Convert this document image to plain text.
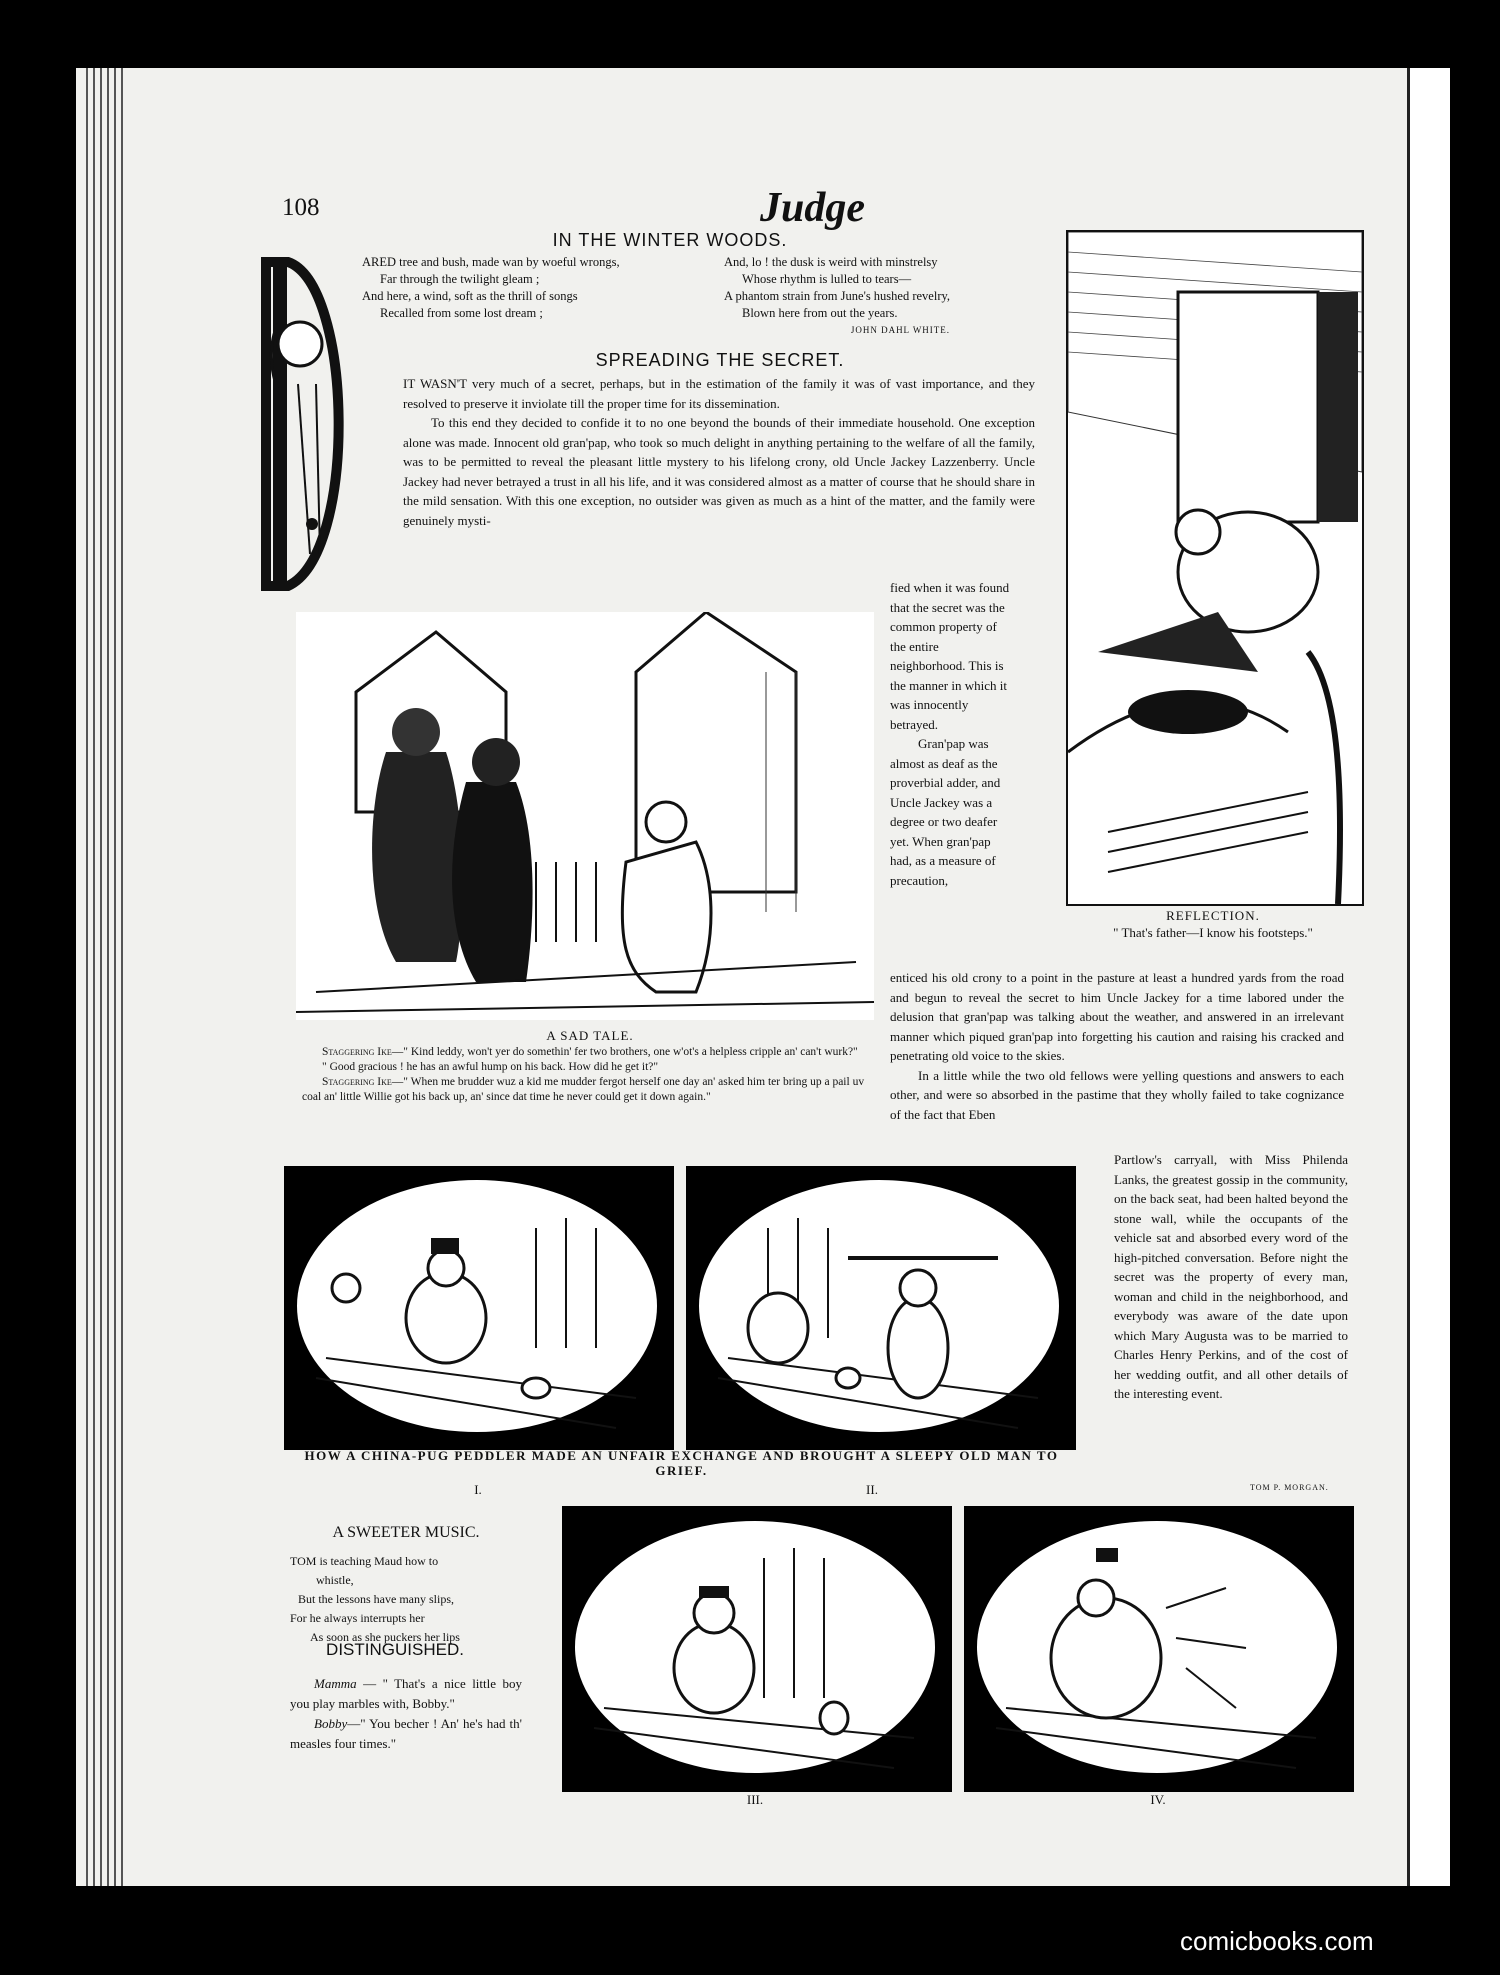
108	Judge
IN THE WINTER WOODS.
ARED tree and bush, made wan by woeful wrongs,
Far through the twilight gleam ;
And here, a wind, soft as the thrill of songs
Recalled from some lost dream ;
And, lo ! the dusk is weird with minstrelsy
Whose rhythm is lulled to tears—
A phantom strain from June's hushed revelry,
Blown here from out the years.
JOHN DAHL WHITE.
SPREADING THE SECRET.

IT WASN'T very much of a secret, perhaps, but in the estimation of the family it was of vast importance, and they resolved to preserve it inviolate till the proper time for its dissemination.

To this end they decided to confide it to no one beyond the bounds of their immediate household. One exception alone was made. Innocent old gran'pap, who took so much delight in anything pertaining to the welfare of all the family, was to be permitted to reveal the pleasant little mystery to his lifelong crony, old Uncle Jackey Lazzenberry. Uncle Jackey had never betrayed a trust in all his life, and it was considered almost as a matter of course that he should share in the mild sensation. With this one exception, no outsider was given as much as a hint of the matter, and the family were genuinely mysti-

fied when it was found that the secret was the common property of the entire neighborhood. This is the manner in which it was innocently betrayed.
Gran'pap was almost as deaf as the proverbial adder, and Uncle Jackey was a degree or two deafer yet. When gran'pap had, as a measure of precaution,

enticed his old crony to a point in the pasture at least a hundred yards from the road and begun to reveal the secret to him Uncle Jackey for a time labored under the delusion that gran'pap was talking about the weather, and answered in an irrelevant manner which piqued gran'pap into forgetting his caution and raising his cracked and penetrating old voice to the skies.

In a little while the two old fellows were yelling questions and answers to each other, and were so absorbed in the pastime that they wholly failed to take cognizance of the fact that Eben

Partlow's carryall, with Miss Philenda Lanks, the greatest gossip in the community, on the back seat, had been halted beyond the stone wall, while the occupants of the vehicle sat and absorbed every word of the high-pitched conversation. Before night the secret was the property of every man, woman and child in the neighborhood, and everybody was aware of the date upon which Mary Augusta was to be married to Charles Henry Perkins, and of the cost of her wedding outfit, and all other details of the interesting event.

TOM P. MORGAN.
REFLECTION.
" That's father—I know his footsteps."
A SAD TALE.

Staggering Ike—" Kind leddy, won't yer do somethin' fer two brothers, one w'ot's a helpless cripple an' can't wurk?"

" Good gracious ! he has an awful hump on his back. How did he get it?"

Staggering Ike—" When me brudder wuz a kid me mudder fergot herself one day an' asked him ter bring up a pail uv coal an' little Willie got his back up, an' since dat time he never could get it down again."

HOW A CHINA-PUG PEDDLER MADE AN UNFAIR EXCHANGE AND BROUGHT A SLEEPY OLD MAN TO GRIEF.
I.	II.
III.	IV.
A SWEETER MUSIC.
TOM is teaching Maud how to
whistle,
But the lessons have many slips,
For he always interrupts her
As soon as she puckers her lips
DISTINGUISHED.
Mamma — " That's a nice little boy you play marbles with, Bobby."
Bobby—" You becher ! An' he's had th' measles four times."
comicbooks.com
